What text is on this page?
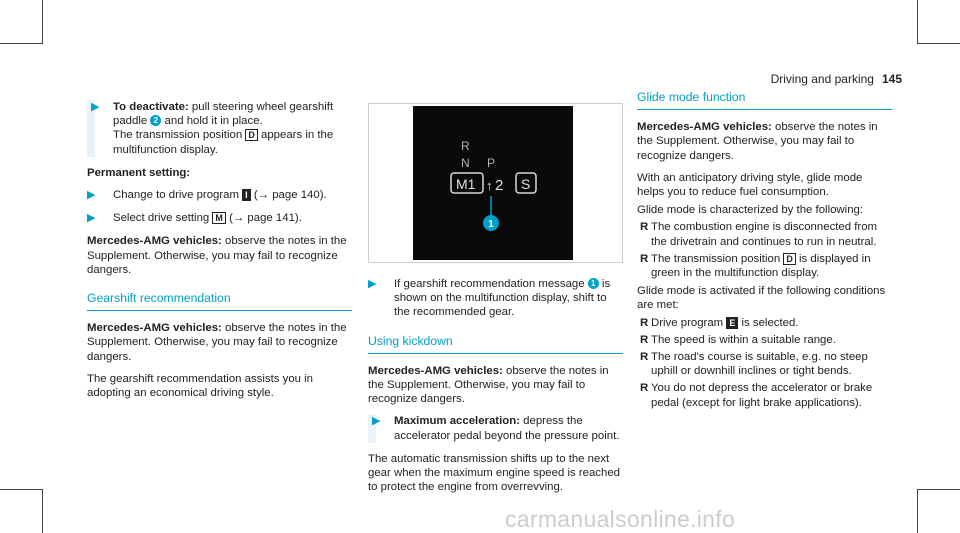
Driving and parking 145
▶ To deactivate: pull steering wheel gearshift paddle 2 and hold it in place.
The transmission position D appears in the multifunction display.
Permanent setting:
▶ Change to drive program I (→ page 140).
▶ Select drive setting M (→ page 141).
Mercedes-AMG vehicles: observe the notes in the Supplement. Otherwise, you may fail to recognize dangers.
Gearshift recommendation
Mercedes-AMG vehicles: observe the notes in the Supplement. Otherwise, you may fail to recognize dangers.
The gearshift recommendation assists you in adopting an economical driving style.
R
N P
M1 ↑ 2 S
1
▶ If gearshift recommendation message 1 is shown on the multifunction display, shift to the recommended gear.
Using kickdown
Mercedes-AMG vehicles: observe the notes in the Supplement. Otherwise, you may fail to recognize dangers.
▶ Maximum acceleration: depress the accelerator pedal beyond the pressure point.
The automatic transmission shifts up to the next gear when the maximum engine speed is reached to protect the engine from overrevving.
Glide mode function
Mercedes-AMG vehicles: observe the notes in the Supplement. Otherwise, you may fail to recognize dangers.
With an anticipatory driving style, glide mode helps you to reduce fuel consumption.
Glide mode is characterized by the following:
R The combustion engine is disconnected from the drivetrain and continues to run in neutral.
R The transmission position D is displayed in green in the multifunction display.
Glide mode is activated if the following conditions are met:
R Drive program E is selected.
R The speed is within a suitable range.
R The road's course is suitable, e.g. no steep uphill or downhill inclines or tight bends.
R You do not depress the accelerator or brake pedal (except for light brake applications).
carmanualsonline.info
